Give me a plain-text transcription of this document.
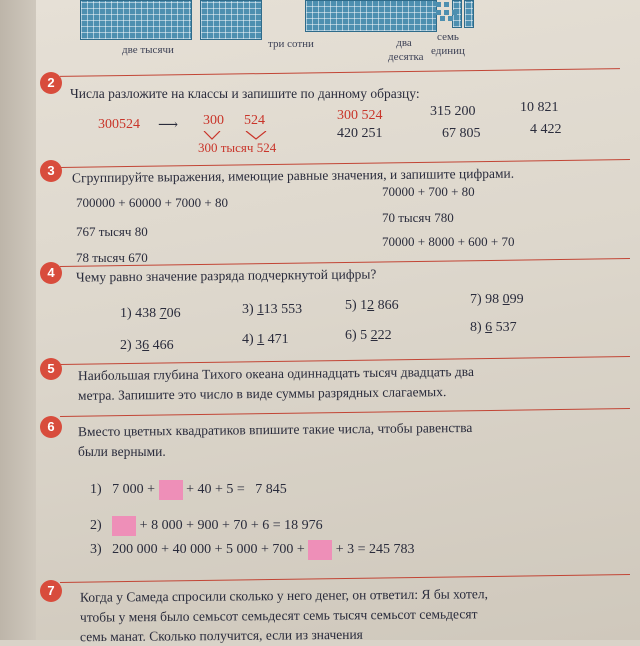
две тысячи	три сотни	два десятка
семь единиц
2
Числа разложите на классы и запишите по данному образцу:
300524 ⟶ 300 524
300 тысяч 524
300 524
420 251
315 200
67 805
10 821
4 422
3	Сгруппируйте выражения, имеющие равные значения, и запишите цифрами.
700000 + 60000 + 7000 + 80
767 тысяч 80
78 тысяч 670
70000 + 700 + 80
70 тысяч 780
70000 + 8000 + 600 + 70
4	Чему равно значение разряда подчеркнутой цифры?
1) 438 706
2) 36 466
3) 113 553
4) 1 471
5) 12 866
6) 5 222
7) 98 099
8) 6 537
5	Наибольшая глубина Тихого океана одиннадцать тысяч двадцать два
метра. Запишите это число в виде суммы разрядных слагаемых.
6	Вместо цветных квадратиков впишите такие числа, чтобы равенства
были верными.
1) 7 000 + + 40 + 5 = 7 845
2)	+ 8 000 + 900 + 70 + 6 = 18 976
3) 200 000 + 40 000 + 5 000 + 700 + + 3 = 245 783
7	Когда у Самеда спросили сколько у него денег, он ответил: Я бы хотел,
чтобы у меня было семьсот семьдесят семь тысяч семьсот семьдесят
семь манат. Сколько получится, если из значения
